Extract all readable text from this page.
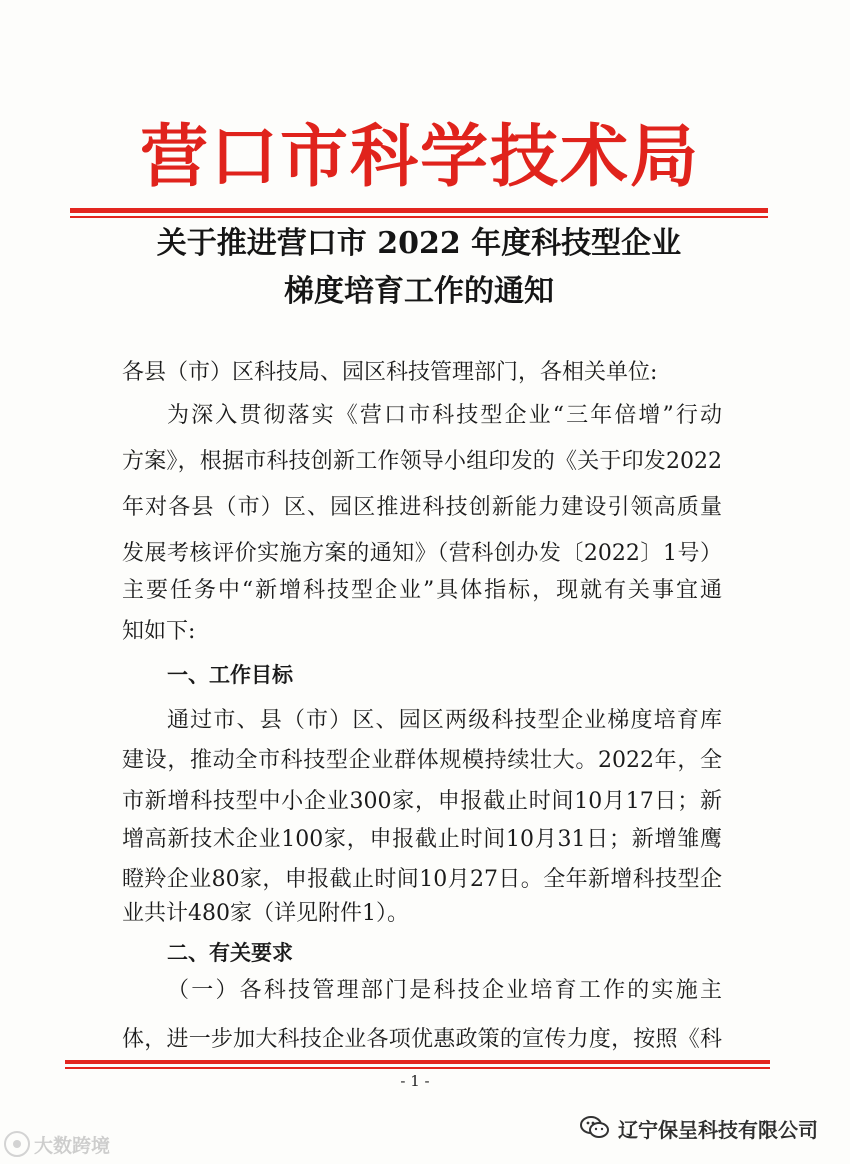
营口市科学技术局
关于推进营口市 2022 年度科技型企业
梯度培育工作的通知
各县（市）区科技局、园区科技管理部门，各相关单位:
为深入贯彻落实《营口市科技型企业“三年倍增”行动
方案》，根据市科技创新工作领导小组印发的《关于印发2022
年对各县（市）区、园区推进科技创新能力建设引领高质量
发展考核评价实施方案的通知》（营科创办发〔2022〕1号）
主要任务中“新增科技型企业”具体指标，现就有关事宜通
知如下:
一、工作目标
通过市、县（市）区、园区两级科技型企业梯度培育库
建设，推动全市科技型企业群体规模持续壮大。2022年，全
市新增科技型中小企业300家，申报截止时间10月17日；新
增高新技术企业100家，申报截止时间10月31日；新增雏鹰
瞪羚企业80家，申报截止时间10月27日。全年新增科技型企
业共计480家（详见附件1）。
二、有关要求
（一）各科技管理部门是科技企业培育工作的实施主
体，进一步加大科技企业各项优惠政策的宣传力度，按照《科
- 1 -
大数跨境
辽宁保呈科技有限公司
